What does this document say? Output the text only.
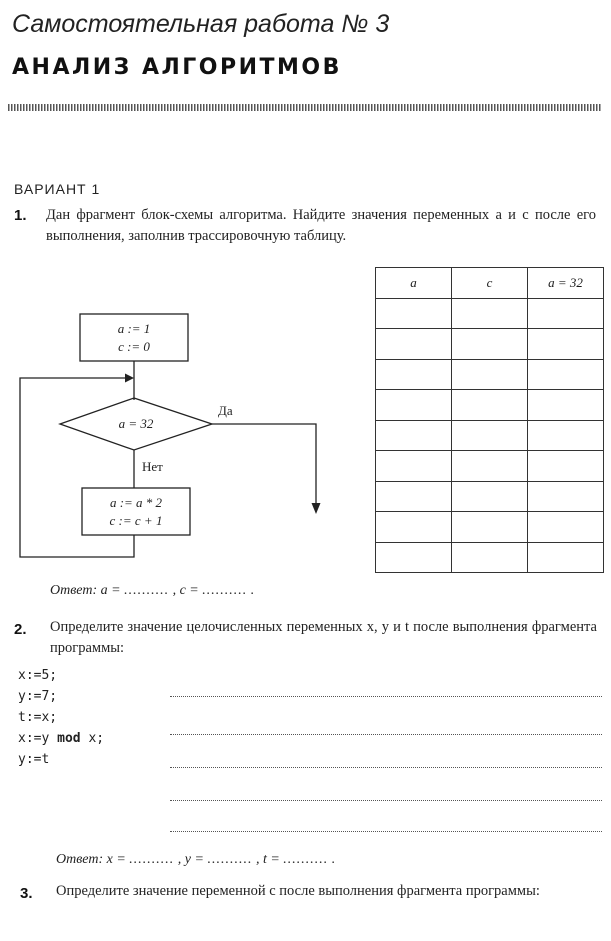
Самостоятельная работа № 3
АНАЛИЗ АЛГОРИТМОВ
ВАРИАНТ 1
1. Дан фрагмент блок-схемы алгоритма. Найдите значения переменных a и c после его выполнения, заполнив трассировочную таблицу.
a := 1
c := 0
a = 32
Да
Нет
a := a * 2
c := c + 1
a	c	a = 32

Ответ: a = .......... , c = .......... .
2. Определите значение целочисленных переменных x, y и t после выполнения фрагмента программы:
x:=5;
y:=7;
t:=x;
x:=y mod x;
y:=t
Ответ: x = .......... , y = .......... , t = .......... .
3. Определите значение переменной c после выполнения фрагмента программы:
